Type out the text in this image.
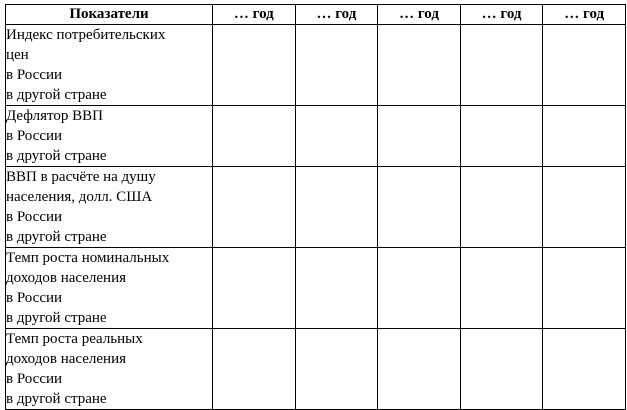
Показатели	… год	… год	… год	… год	… год

Индекс потребительских
цен
в России
в другой стране					

Дефлятор ВВП
в России
в другой стране					

ВВП в расчёте на душу
населения, долл. США
в России
в другой стране					

Темп роста номинальных
доходов населения
в России
в другой стране					

Темп роста реальных
доходов населения
в России
в другой стране					
